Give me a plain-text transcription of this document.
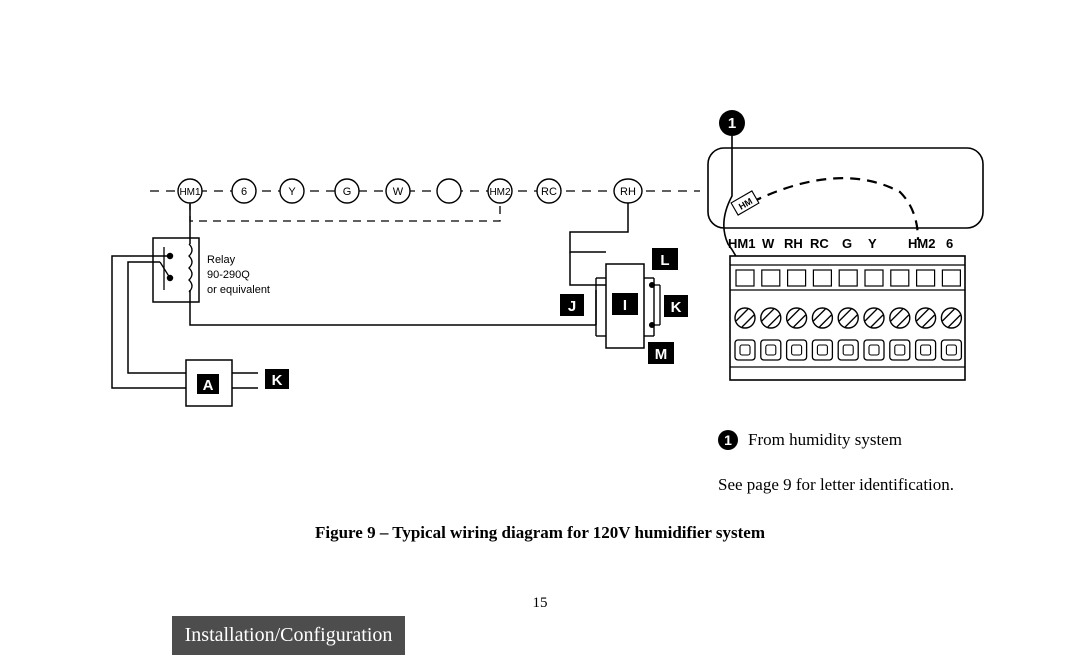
HM1	6	Y	G	W	HM2	RC	RH
Relay
90-290Q
or equivalent
A	K
I
J
L
K
M
1
HM
HM1 W RH RC G Y HM2 6
1 From humidity system
See page 9 for letter identification.
Figure 9 – Typical wiring diagram for 120V humidifier system
15
Installation/Configuration
